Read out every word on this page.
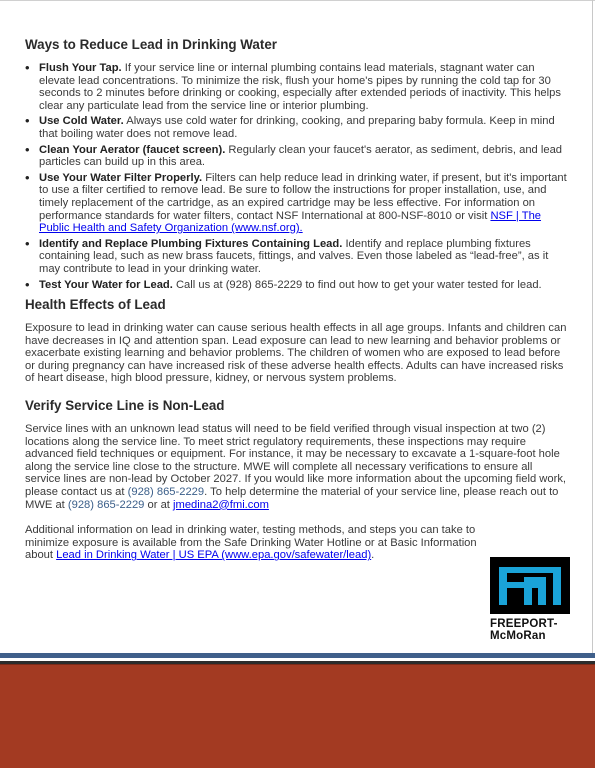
Ways to Reduce Lead in Drinking Water
• Flush Your Tap. If your service line or internal plumbing contains lead materials, stagnant water can elevate lead concentrations. To minimize the risk, flush your home's pipes by running the cold tap for 30 seconds to 2 minutes before drinking or cooking, especially after extended periods of inactivity. This helps clear any particulate lead from the service line or interior plumbing.
• Use Cold Water. Always use cold water for drinking, cooking, and preparing baby formula. Keep in mind that boiling water does not remove lead.
• Clean Your Aerator (faucet screen). Regularly clean your faucet's aerator, as sediment, debris, and lead particles can build up in this area.
• Use Your Water Filter Properly. Filters can help reduce lead in drinking water, if present, but it's important to use a filter certified to remove lead. Be sure to follow the instructions for proper installation, use, and timely replacement of the cartridge, as an expired cartridge may be less effective. For information on performance standards for water filters, contact NSF International at 800-NSF-8010 or visit NSF | The Public Health and Safety Organization (www.nsf.org).
• Identify and Replace Plumbing Fixtures Containing Lead. Identify and replace plumbing fixtures containing lead, such as new brass faucets, fittings, and valves. Even those labeled as “lead-free”, as it may contribute to lead in your drinking water.
• Test Your Water for Lead. Call us at (928) 865-2229 to find out how to get your water tested for lead.
Health Effects of Lead

Exposure to lead in drinking water can cause serious health effects in all age groups. Infants and children can have decreases in IQ and attention span. Lead exposure can lead to new learning and behavior problems or exacerbate existing learning and behavior problems. The children of women who are exposed to lead before or during pregnancy can have increased risk of these adverse health effects. Adults can have increased risks of heart disease, high blood pressure, kidney, or nervous system problems.

Verify Service Line is Non-Lead

Service lines with an unknown lead status will need to be field verified through visual inspection at two (2) locations along the service line. To meet strict regulatory requirements, these inspections may require advanced field techniques or equipment. For instance, it may be necessary to excavate a 1-square-foot hole along the service line close to the structure. MWE will complete all necessary verifications to ensure all service lines are non-lead by October 2027. If you would like more information about the upcoming field work, please contact us at (928) 865-2229. To help determine the material of your service line, please reach out to MWE at (928) 865-2229 or at jmedina2@fmi.com

Additional information on lead in drinking water, testing methods, and steps you can take to minimize exposure is available from the Safe Drinking Water Hotline or at Basic Information about Lead in Drinking Water | US EPA (www.epa.gov/safewater/lead).

FREEPORT-
McMoRan
